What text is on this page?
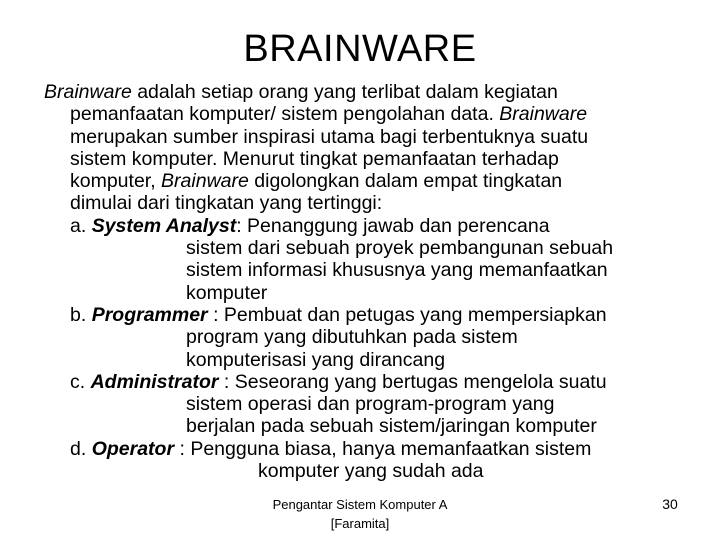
BRAINWARE

Brainware adalah setiap orang yang terlibat dalam kegiatan
pemanfaatan komputer/ sistem pengolahan data. Brainware
merupakan sumber inspirasi utama bagi terbentuknya suatu
sistem komputer. Menurut tingkat pemanfaatan terhadap
komputer, Brainware digolongkan dalam empat tingkatan
dimulai dari tingkatan yang tertinggi:

a. System Analyst: Penanggung jawab dan perencana
sistem dari sebuah proyek pembangunan sebuah
sistem informasi khususnya yang memanfaatkan
komputer

b. Programmer : Pembuat dan petugas yang mempersiapkan
program yang dibutuhkan pada sistem
komputerisasi yang dirancang

c. Administrator : Seseorang yang bertugas mengelola suatu
sistem operasi dan program-program yang
berjalan pada sebuah sistem/jaringan komputer

d. Operator : Pengguna biasa, hanya memanfaatkan sistem
komputer yang sudah ada

Pengantar Sistem Komputer A
[Faramita]
30
